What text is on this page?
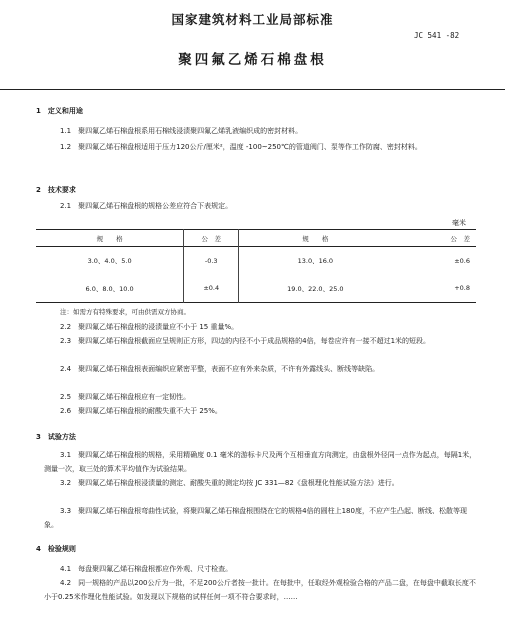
国家建筑材料工业局部标准
JC 541 -82
聚四氟乙烯石棉盘根
1　定义和用途
1.1　聚四氟乙烯石棉盘根系用石棉线浸渍聚四氟乙烯乳液编织成的密封材料。
1.2　聚四氟乙烯石棉盘根适用于压力120公斤/厘米²，温度 -100~250℃的管道阀门、泵等作工作防腐、密封材料。
2　技术要求
2.1　聚四氟乙烯石棉盘根的规格公差应符合下表规定。
毫米
规　　格	公　差	规　　格	公　差
3.0、4.0、5.0	-0.3	13.0、16.0	±0.6
6.0、8.0、10.0	±0.4	19.0、22.0、25.0	+0.8
注：如需方有特殊要求，可由供需双方协商。
2.2　聚四氟乙烯石棉盘根的浸渍量应不小于 15 重量%。
2.3　聚四氟乙烯石棉盘根截面应呈规则正方形，四边的内径不小于成品规格的4倍，每卷应许有一接不超过1米的短段。
2.4　聚四氟乙烯石棉盘根表面编织应紧密平整，表面不应有外来杂质，不许有外露线头、断线等缺陷。
2.5　聚四氟乙烯石棉盘根应有一定韧性。
2.6　聚四氟乙烯石棉盘根的耐酸失重不大于 25%。
3　试验方法
3.1　聚四氟乙烯石棉盘根的规格，采用精确度 0.1 毫米的游标卡尺及两个互相垂直方向测定，由盘根外径同一点作为起点，每隔1米，测量一次，取三处的算术平均值作为试验结果。
3.2　聚四氟乙烯石棉盘根浸渍量的测定、耐酸失重的测定均按 JC 331—82《盘根理化性能试验方法》进行。
3.3　聚四氟乙烯石棉盘根弯曲性试验，将聚四氟乙烯石棉盘根围绕在它的规格4倍的圆柱上180度，不应产生凸起、断线、松散等现象。
4　检验规则
4.1　每盘聚四氟乙烯石棉盘根都应作外观、尺寸检查。
4.2　同一规格的产品以200公斤为一批，不足200公斤者按一批计。在每批中，任取经外观检验合格的产品二盘，在每盘中截取长度不小于0.25米作理化性能试验。如发现以下规格的试样任何一项不符合要求时，……
